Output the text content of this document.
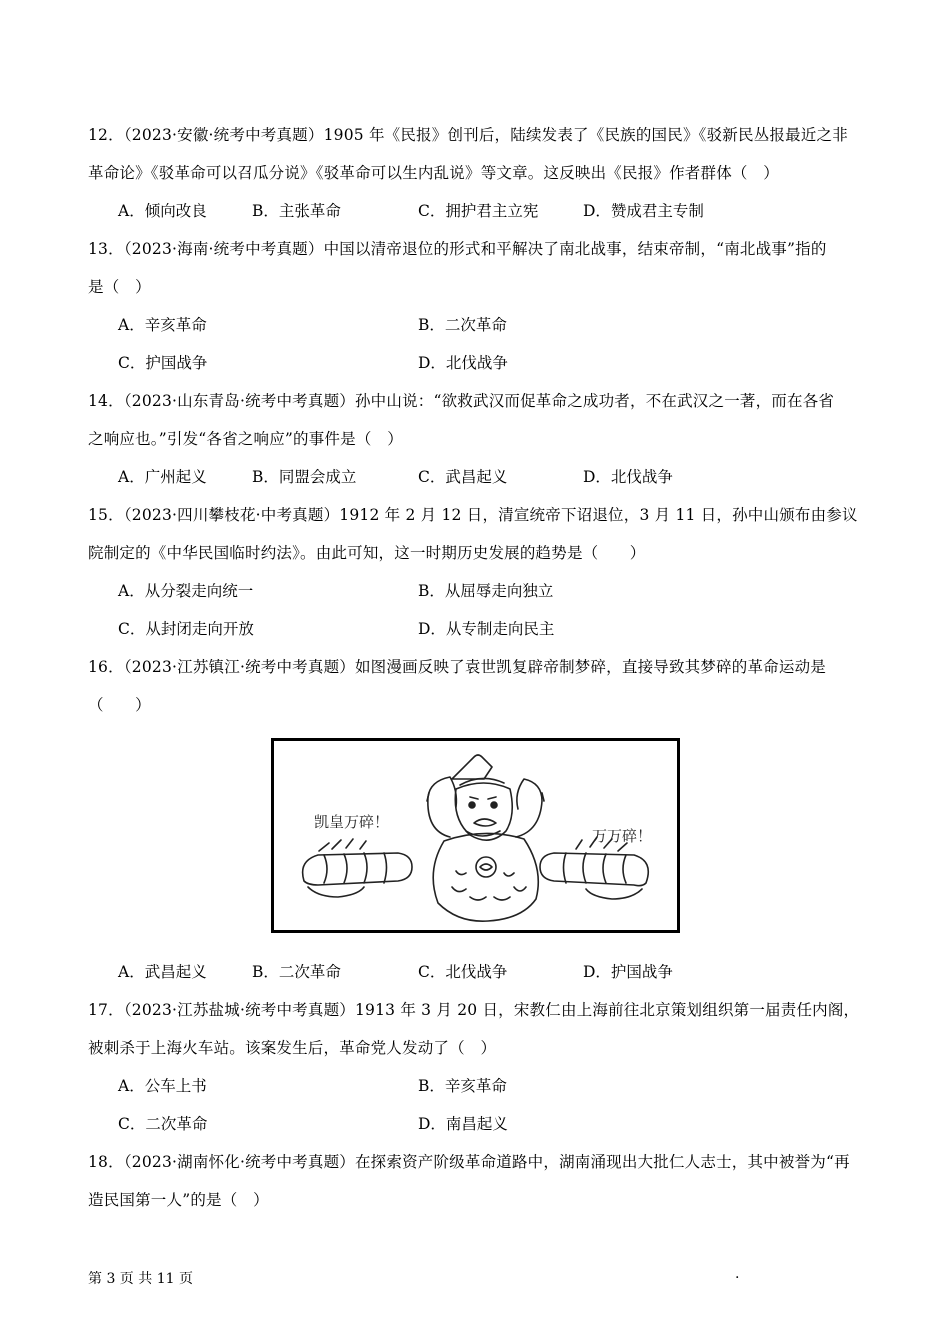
12．（2023·安徽·统考中考真题）1905 年《民报》创刊后，陆续发表了《民族的国民》《驳新民丛报最近之非
革命论》《驳革命可以召瓜分说》《驳革命可以生内乱说》等文章。这反映出《民报》作者群体（　）
A．倾向改良	B．主张革命	C．拥护君主立宪	D．赞成君主专制
13．（2023·海南·统考中考真题）中国以清帝退位的形式和平解决了南北战事，结束帝制，“南北战事”指的
是（　）
A．辛亥革命	B．二次革命
C．护国战争	D．北伐战争
14．（2023·山东青岛·统考中考真题）孙中山说：“欲救武汉而促革命之成功者，不在武汉之一著，而在各省
之响应也。”引发“各省之响应”的事件是（　）
A．广州起义	B．同盟会成立	C．武昌起义	D．北伐战争
15．（2023·四川攀枝花·中考真题）1912 年 2 月 12 日，清宣统帝下诏退位，3 月 11 日，孙中山颁布由参议
院制定的《中华民国临时约法》。由此可知，这一时期历史发展的趋势是（　　）
A．从分裂走向统一	B．从屈辱走向独立
C．从封闭走向开放	D．从专制走向民主
16．（2023·江苏镇江·统考中考真题）如图漫画反映了袁世凯复辟帝制梦碎，直接导致其梦碎的革命运动是
（　　）
凯皇万碎！
万万碎！
A．武昌起义	B．二次革命	C．北伐战争	D．护国战争
17．（2023·江苏盐城·统考中考真题）1913 年 3 月 20 日，宋教仁由上海前往北京策划组织第一届责任内阁，
被刺杀于上海火车站。该案发生后，革命党人发动了（　）
A．公车上书	B．辛亥革命
C．二次革命	D．南昌起义
18．（2023·湖南怀化·统考中考真题）在探索资产阶级革命道路中，湖南涌现出大批仁人志士，其中被誉为“再
造民国第一人”的是（　）
第 3 页 共 11 页	.
